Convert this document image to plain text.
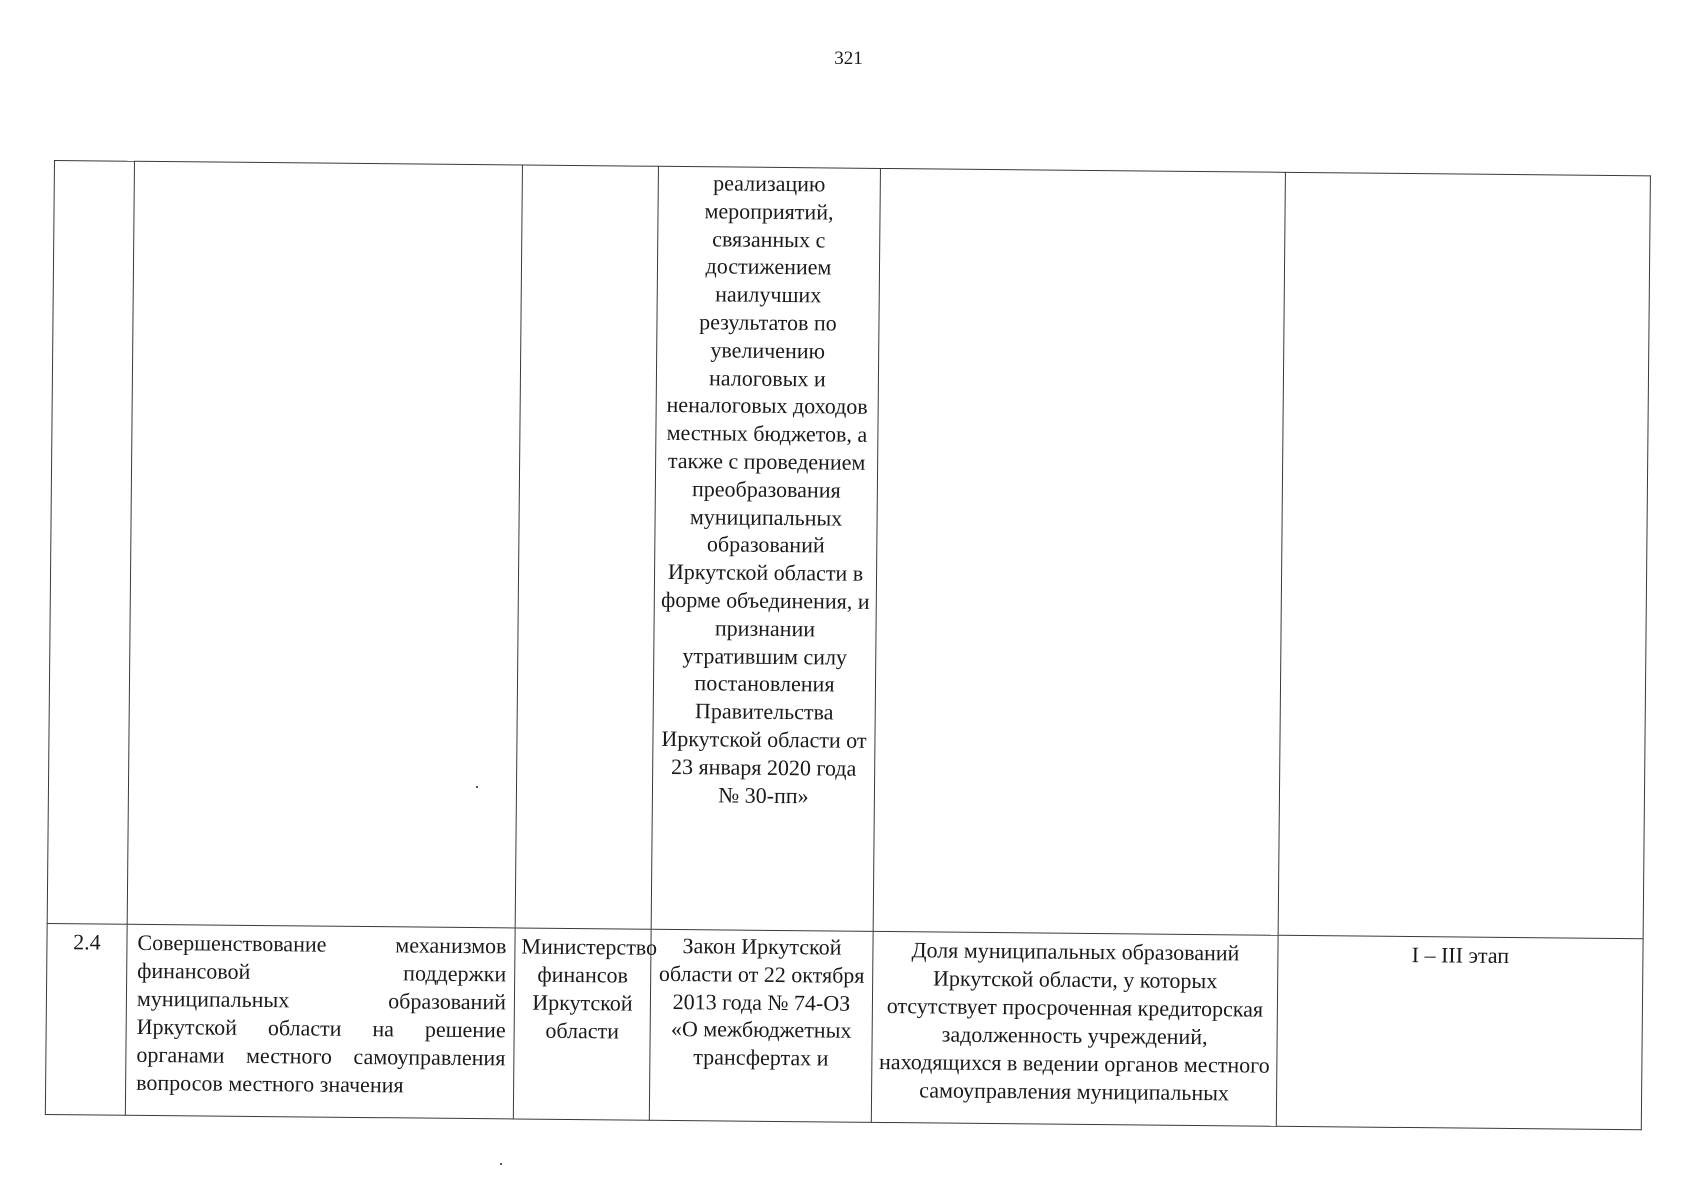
321

			реализацию мероприятий, связанных с достижением наилучших результатов по увеличению налоговых и неналоговых доходов местных бюджетов, а также с проведением преобразования муниципальных образований Иркутской области в форме объединения, и признании утратившим силу постановления Правительства Иркутской области от 23 января 2020 года № 30-пп»		

2.4	Совершенствование механизмов финансовой поддержки муниципальных образований Иркутской области на решение органами местного самоуправления вопросов местного значения	Министерство финансов Иркутской области	Закон Иркутской области от 22 октября 2013 года № 74-ОЗ «О межбюджетных трансфертах и	Доля муниципальных образований Иркутской области, у которых отсутствует просроченная кредиторская задолженность учреждений, находящихся в ведении органов местного самоуправления муниципальных	I – III этап
